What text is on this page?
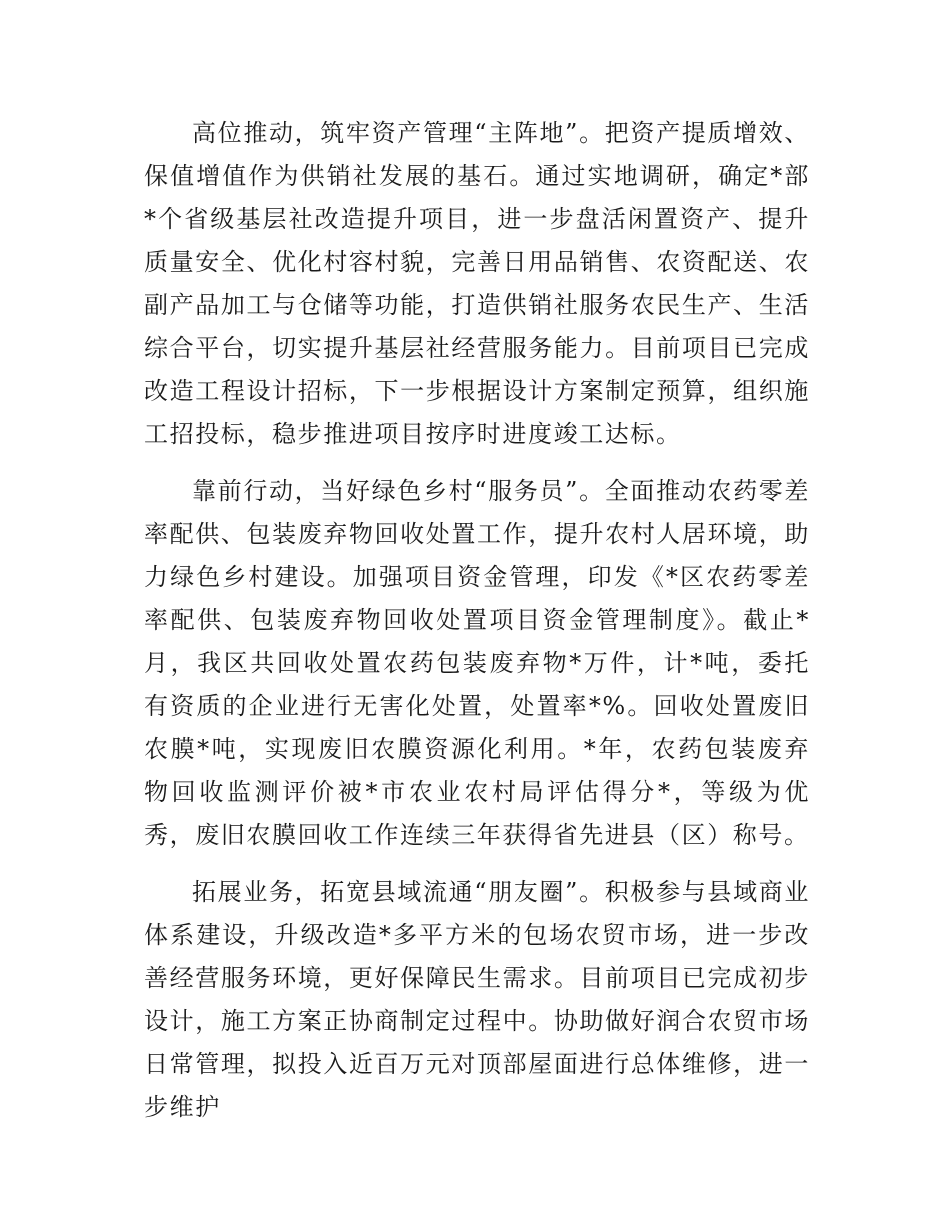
高位推动，筑牢资产管理“主阵地”。把资产提质增效、保值增值作为供销社发展的基石。通过实地调研，确定*部*个省级基层社改造提升项目，进一步盘活闲置资产、提升质量安全、优化村容村貌，完善日用品销售、农资配送、农副产品加工与仓储等功能，打造供销社服务农民生产、生活综合平台，切实提升基层社经营服务能力。目前项目已完成改造工程设计招标，下一步根据设计方案制定预算，组织施工招投标，稳步推进项目按序时进度竣工达标。

靠前行动，当好绿色乡村“服务员”。全面推动农药零差率配供、包装废弃物回收处置工作，提升农村人居环境，助力绿色乡村建设。加强项目资金管理，印发《*区农药零差率配供、包装废弃物回收处置项目资金管理制度》。截止*月，我区共回收处置农药包装废弃物*万件，计*吨，委托有资质的企业进行无害化处置，处置率*%。回收处置废旧农膜*吨，实现废旧农膜资源化利用。*年，农药包装废弃物回收监测评价被*市农业农村局评估得分*，等级为优秀，废旧农膜回收工作连续三年获得省先进县（区）称号。

拓展业务，拓宽县域流通“朋友圈”。积极参与县域商业体系建设，升级改造*多平方米的包场农贸市场，进一步改善经营服务环境，更好保障民生需求。目前项目已完成初步设计，施工方案正协商制定过程中。协助做好润合农贸市场日常管理，拟投入近百万元对顶部屋面进行总体维修，进一步维护
